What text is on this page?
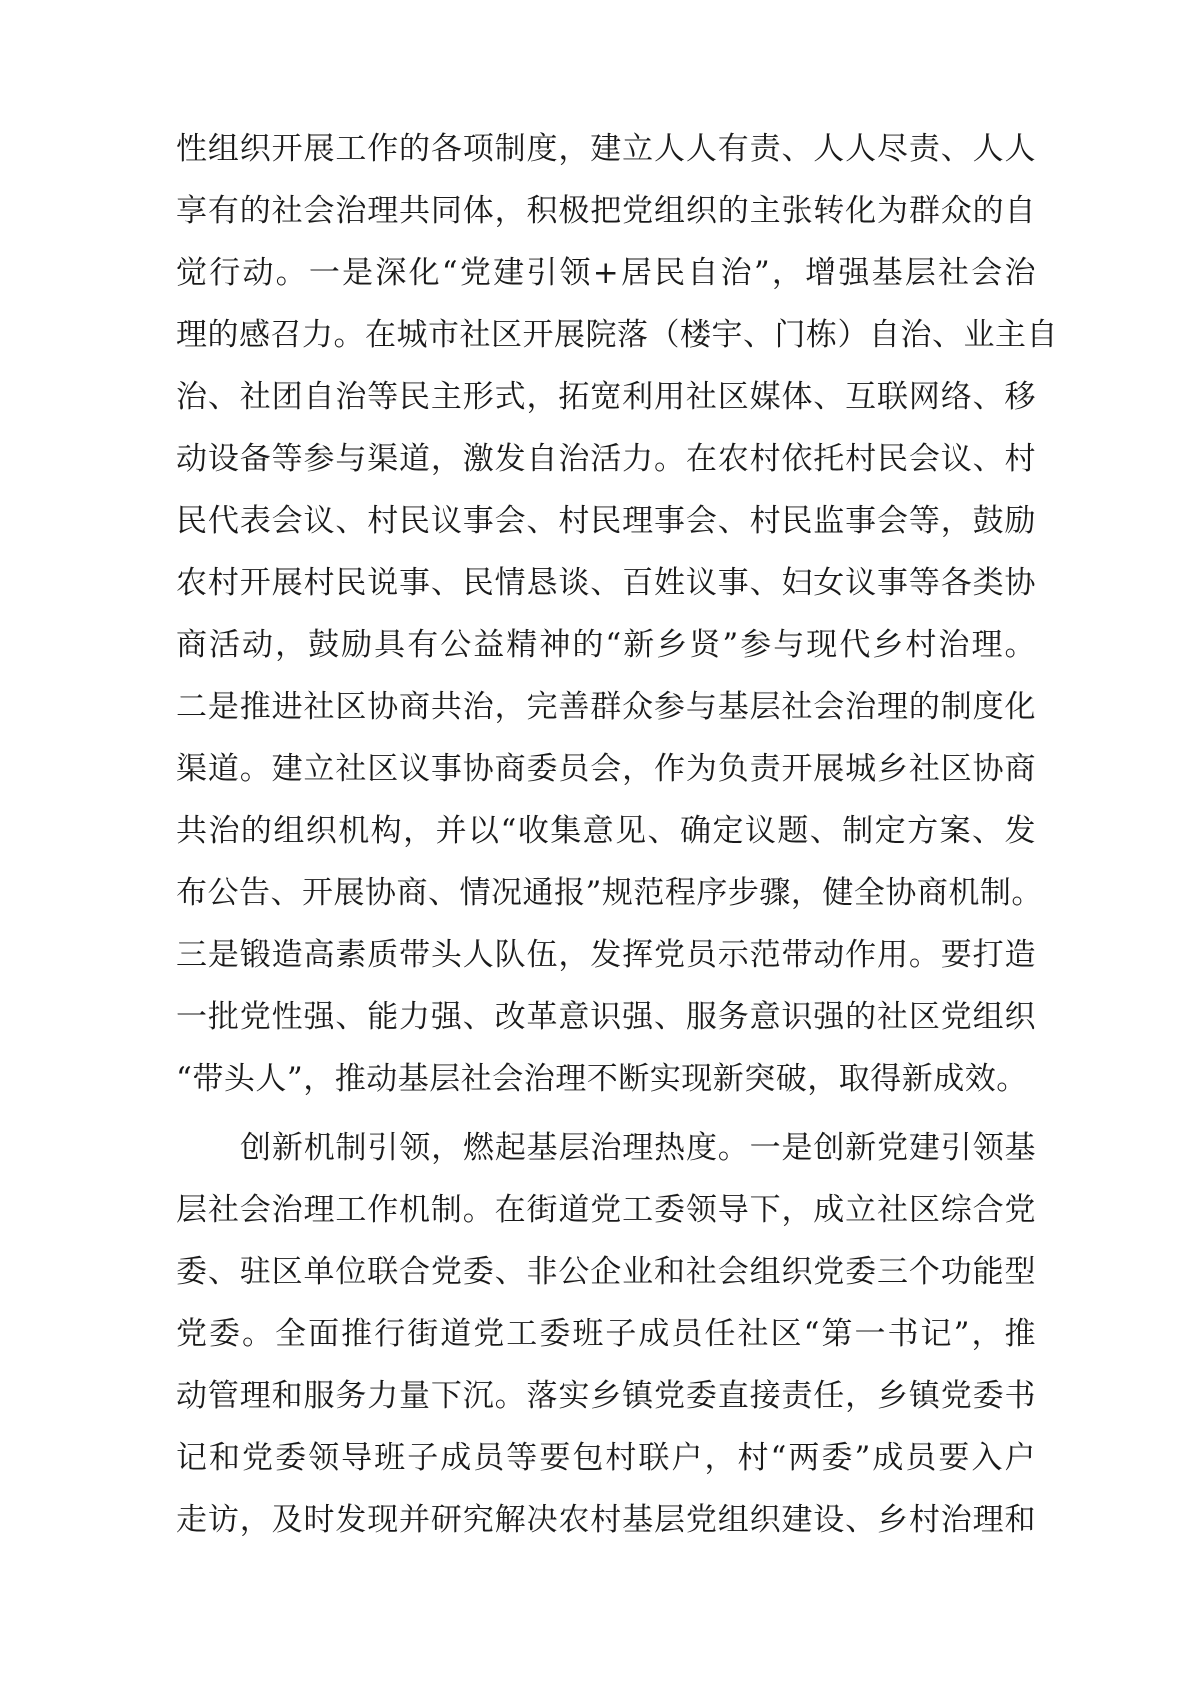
性组织开展工作的各项制度，建立人人有责、人人尽责、人人
享有的社会治理共同体，积极把党组织的主张转化为群众的自
觉行动。一是深化“党建引领+居民自治”，增强基层社会治
理的感召力。在城市社区开展院落（楼宇、门栋）自治、业主自
治、社团自治等民主形式，拓宽利用社区媒体、互联网络、移
动设备等参与渠道，激发自治活力。在农村依托村民会议、村
民代表会议、村民议事会、村民理事会、村民监事会等，鼓励
农村开展村民说事、民情恳谈、百姓议事、妇女议事等各类协
商活动，鼓励具有公益精神的“新乡贤”参与现代乡村治理。
二是推进社区协商共治，完善群众参与基层社会治理的制度化
渠道。建立社区议事协商委员会，作为负责开展城乡社区协商
共治的组织机构，并以“收集意见、确定议题、制定方案、发
布公告、开展协商、情况通报”规范程序步骤，健全协商机制。
三是锻造高素质带头人队伍，发挥党员示范带动作用。要打造
一批党性强、能力强、改革意识强、服务意识强的社区党组织
“带头人”，推动基层社会治理不断实现新突破，取得新成效。
创新机制引领，燃起基层治理热度。一是创新党建引领基
层社会治理工作机制。在街道党工委领导下，成立社区综合党
委、驻区单位联合党委、非公企业和社会组织党委三个功能型
党委。全面推行街道党工委班子成员任社区“第一书记”，推
动管理和服务力量下沉。落实乡镇党委直接责任，乡镇党委书
记和党委领导班子成员等要包村联户，村“两委”成员要入户
走访，及时发现并研究解决农村基层党组织建设、乡村治理和
